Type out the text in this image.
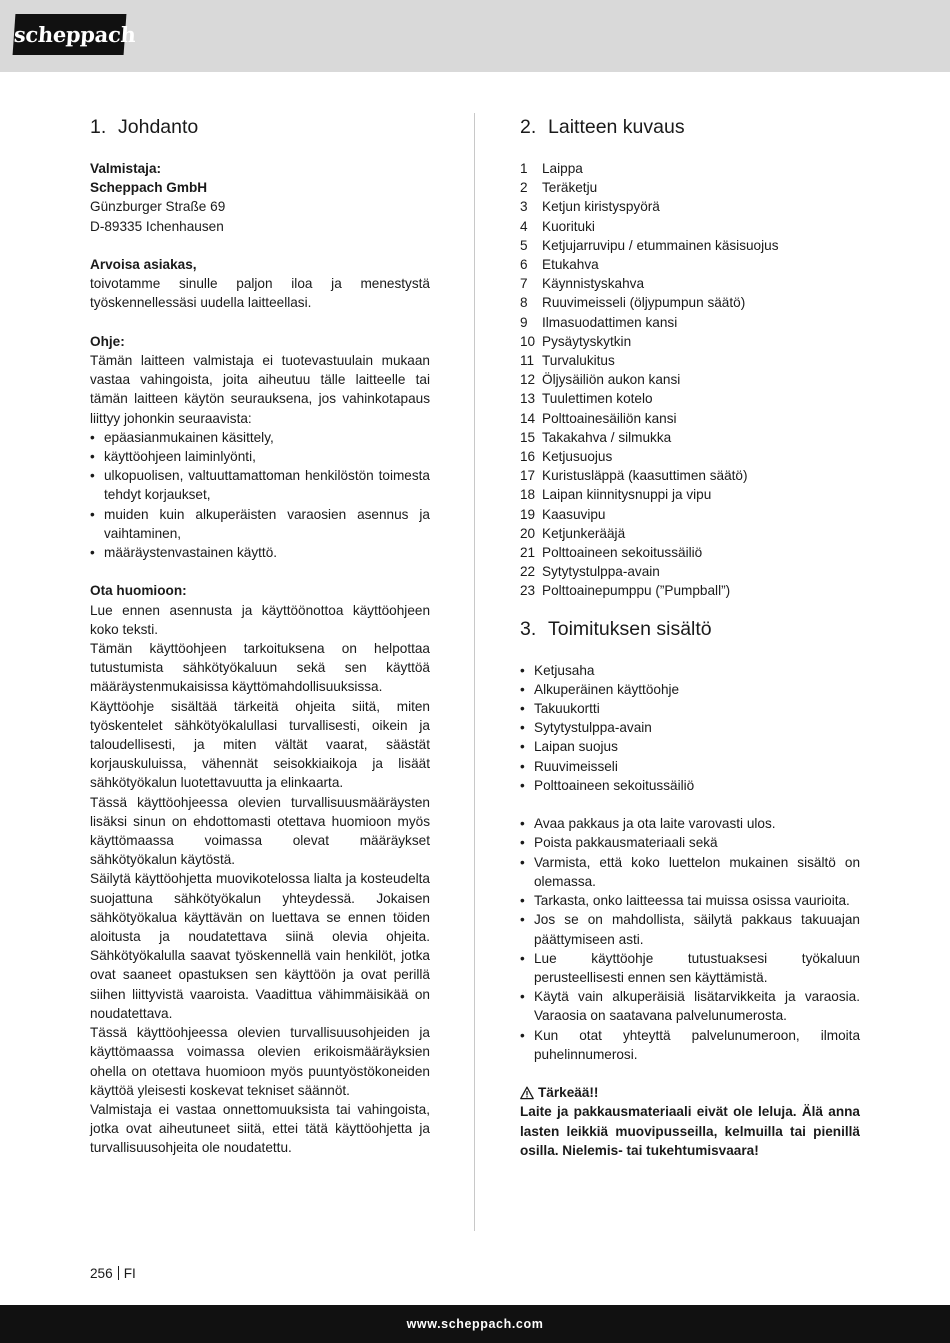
scheppach
1. Johdanto
Valmistaja:
Scheppach GmbH
Günzburger Straße 69
D-89335 Ichenhausen
Arvoisa asiakas,
toivotamme sinulle paljon iloa ja menestystä työskennellessäsi uudella laitteellasi.
Ohje:
Tämän laitteen valmistaja ei tuotevastuulain mukaan vastaa vahingoista, joita aiheutuu tälle laitteelle tai tämän laitteen käytön seurauksena, jos vahinkotapaus liittyy johonkin seuraavista:
• epäasianmukainen käsittely,
• käyttöohjeen laiminlyönti,
• ulkopuolisen, valtuuttamattoman henkilöstön toimesta tehdyt korjaukset,
• muiden kuin alkuperäisten varaosien asennus ja vaihtaminen,
• määräystenvastainen käyttö.
Ota huomioon:
Lue ennen asennusta ja käyttöönottoa käyttöohjeen koko teksti.
Tämän käyttöohjeen tarkoituksena on helpottaa tutustumista sähkötyökaluun sekä sen käyttöä määräystenmukaisissa käyttömahdollisuuksissa.
Käyttöohje sisältää tärkeitä ohjeita siitä, miten työskentelet sähkötyökalullasi turvallisesti, oikein ja taloudellisesti, ja miten vältät vaarat, säästät korjauskuluissa, vähennät seisokkiaikoja ja lisäät sähkötyökalun luotettavuutta ja elinkaarta.
Tässä käyttöohjeessa olevien turvallisuusmääräysten lisäksi sinun on ehdottomasti otettava huomioon myös käyttömaassa voimassa olevat määräykset sähkötyökalun käytöstä.
Säilytä käyttöohjetta muovikotelossa lialta ja kosteudelta suojattuna sähkötyökalun yhteydessä. Jokaisen sähkötyökalua käyttävän on luettava se ennen töiden aloitusta ja noudatettava siinä olevia ohjeita. Sähkötyökalulla saavat työskennellä vain henkilöt, jotka ovat saaneet opastuksen sen käyttöön ja ovat perillä siihen liittyvistä vaaroista. Vaadittua vähimmäisikää on noudatettava.
Tässä käyttöohjeessa olevien turvallisuusohjeiden ja käyttömaassa voimassa olevien erikoismääräyksien ohella on otettava huomioon myös puuntyöstökoneiden käyttöä yleisesti koskevat tekniset säännöt.
Valmistaja ei vastaa onnettomuuksista tai vahingoista, jotka ovat aiheutuneet siitä, ettei tätä käyttöohjetta ja turvallisuusohjeita ole noudatettu.
2. Laitteen kuvaus
1	Laippa
2	Teräketju
3	Ketjun kiristyspyörä
4	Kuorituki
5	Ketjujarruvipu / etummainen käsisuojus
6	Etukahva
7	Käynnistyskahva
8	Ruuvimeisseli (öljypumpun säätö)
9	Ilmasuodattimen kansi
10 Pysäytyskytkin
11 Turvalukitus
12 Öljysäiliön aukon kansi
13 Tuulettimen kotelo
14 Polttoainesäiliön kansi
15 Takakahva / silmukka
16 Ketjusuojus
17 Kuristusläppä (kaasuttimen säätö)
18 Laipan kiinnitysnuppi ja vipu
19 Kaasuvipu
20 Ketjunkerääjä
21 Polttoaineen sekoitussäiliö
22 Sytytystulppa-avain
23 Polttoainepumppu (”Pumpball”)
3. Toimituksen sisältö
• Ketjusaha
• Alkuperäinen käyttöohje
• Takuukortti
• Sytytystulppa-avain
• Laipan suojus
• Ruuvimeisseli
• Polttoaineen sekoitussäiliö
• Avaa pakkaus ja ota laite varovasti ulos.
• Poista pakkausmateriaali sekä
• Varmista, että koko luettelon mukainen sisältö on olemassa.
• Tarkasta, onko laitteessa tai muissa osissa vaurioita.
• Jos se on mahdollista, säilytä pakkaus takuuajan päättymiseen asti.
• Lue käyttöohje tutustuaksesi työkaluun perusteellisesti ennen sen käyttämistä.
• Käytä vain alkuperäisiä lisätarvikkeita ja varaosia. Varaosia on saatavana palvelunumerosta.
• Kun otat yhteyttä palvelunumeroon, ilmoita puhelinnumerosi.
Tärkeää!!
Laite ja pakkausmateriaali eivät ole leluja. Älä anna lasten leikkiä muovipusseilla, kelmuilla tai pienillä osilla. Nielemis- tai tukehtumisvaara!
256 FI
www.scheppach.com
